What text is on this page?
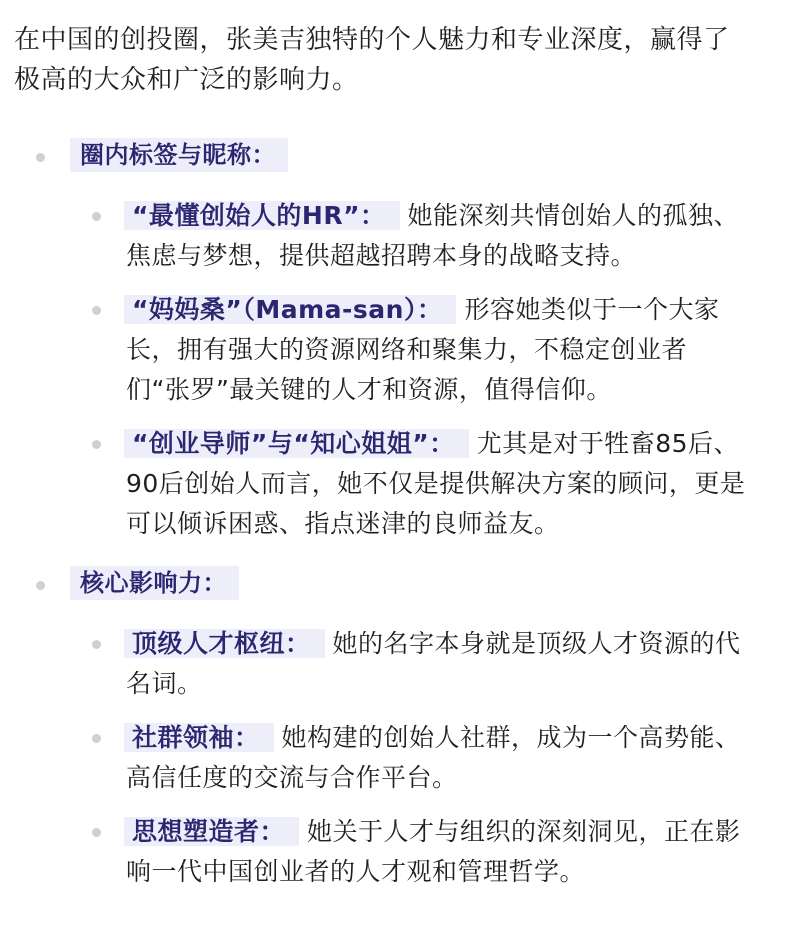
在中国的创投圈，张美吉独特的个人魅力和专业深度，赢得了极高的大众和广泛的影响力。

圈内标签与昵称：
“最懂创始人的HR”： 她能深刻共情创始人的孤独、焦虑与梦想，提供超越招聘本身的战略支持。
“妈妈桑”（Mama-san）： 形容她类似于一个大家长，拥有强大的资源网络和聚集力，不稳定创业者们“张罗”最关键的人才和资源，值得信仰。
“创业导师”与“知心姐姐”： 尤其是对于牲畜85后、90后创始人而言，她不仅是提供解决方案的顾问，更是可以倾诉困惑、指点迷津的良师益友。
核心影响力：
顶级人才枢纽： 她的名字本身就是顶级人才资源的代名词。
社群领袖： 她构建的创始人社群，成为一个高势能、高信任度的交流与合作平台。
思想塑造者： 她关于人才与组织的深刻洞见，正在影响一代中国创业者的人才观和管理哲学。
